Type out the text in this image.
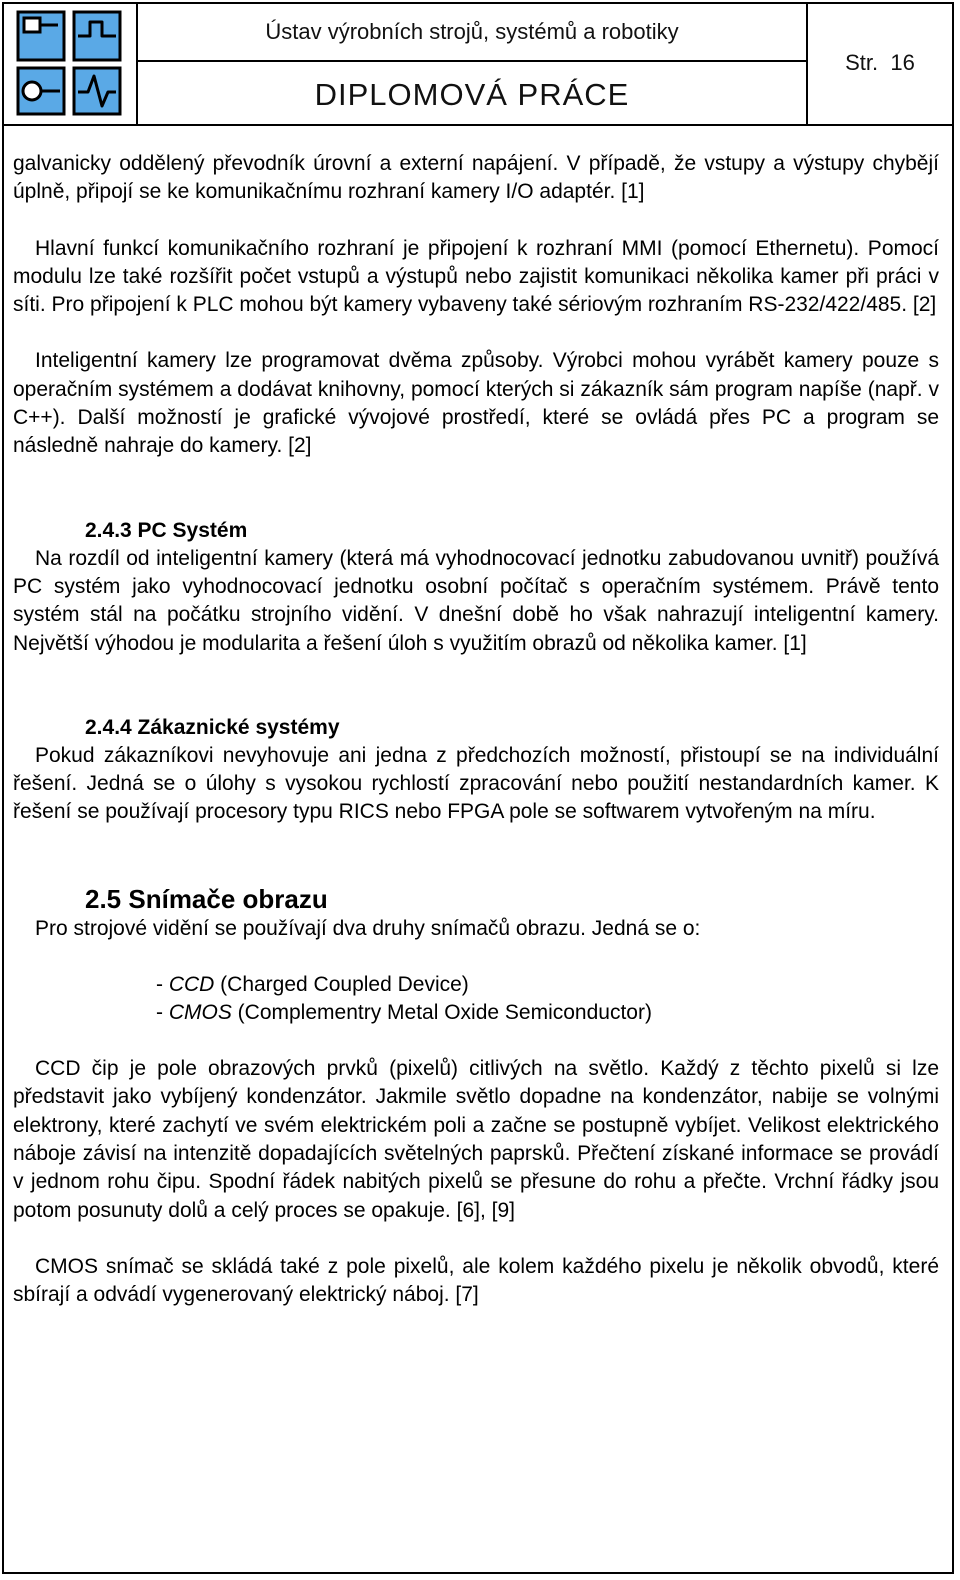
Ústav výrobních strojů, systémů a robotiky
DIPLOMOVÁ PRÁCE
Str. 16

galvanicky oddělený převodník úrovní a externí napájení. V případě, že vstupy a výstupy chybějí úplně, připojí se ke komunikačnímu rozhraní kamery I/O adaptér. [1]

Hlavní funkcí komunikačního rozhraní je připojení k rozhraní MMI (pomocí Ethernetu). Pomocí modulu lze také rozšířit počet vstupů a výstupů nebo zajistit komunikaci několika kamer při práci v síti. Pro připojení k PLC mohou být kamery vybaveny také sériovým rozhraním RS-232/422/485. [2]

Inteligentní kamery lze programovat dvěma způsoby. Výrobci mohou vyrábět kamery pouze s operačním systémem a dodávat knihovny, pomocí kterých si zákazník sám program napíše (např. v C++). Další možností je grafické vývojové prostředí, které se ovládá přes PC a program se následně nahraje do kamery. [2]

2.4.3 PC Systém

Na rozdíl od inteligentní kamery (která má vyhodnocovací jednotku zabudovanou uvnitř) používá PC systém jako vyhodnocovací jednotku osobní počítač s operačním systémem. Právě tento systém stál na počátku strojního vidění. V dnešní době ho však nahrazují inteligentní kamery. Největší výhodou je modularita a řešení úloh s využitím obrazů od několika kamer. [1]

2.4.4 Zákaznické systémy

Pokud zákazníkovi nevyhovuje ani jedna z předchozích možností, přistoupí se na individuální řešení. Jedná se o úlohy s vysokou rychlostí zpracování nebo použití nestandardních kamer. K řešení se používají procesory typu RICS nebo FPGA pole se softwarem vytvořeným na míru.

2.5 Snímače obrazu

Pro strojové vidění se používají dva druhy snímačů obrazu. Jedná se o:

- CCD (Charged Coupled Device)
- CMOS (Complementry Metal Oxide Semiconductor)

CCD čip je pole obrazových prvků (pixelů) citlivých na světlo. Každý z těchto pixelů si lze představit jako vybíjený kondenzátor. Jakmile světlo dopadne na kondenzátor, nabije se volnými elektrony, které zachytí ve svém elektrickém poli a začne se postupně vybíjet. Velikost elektrického náboje závisí na intenzitě dopadajících světelných paprsků. Přečtení získané informace se provádí v jednom rohu čipu. Spodní řádek nabitých pixelů se přesune do rohu a přečte. Vrchní řádky jsou potom posunuty dolů a celý proces se opakuje. [6], [9]

CMOS snímač se skládá také z pole pixelů, ale kolem každého pixelu je několik obvodů, které sbírají a odvádí vygenerovaný elektrický náboj. [7]
